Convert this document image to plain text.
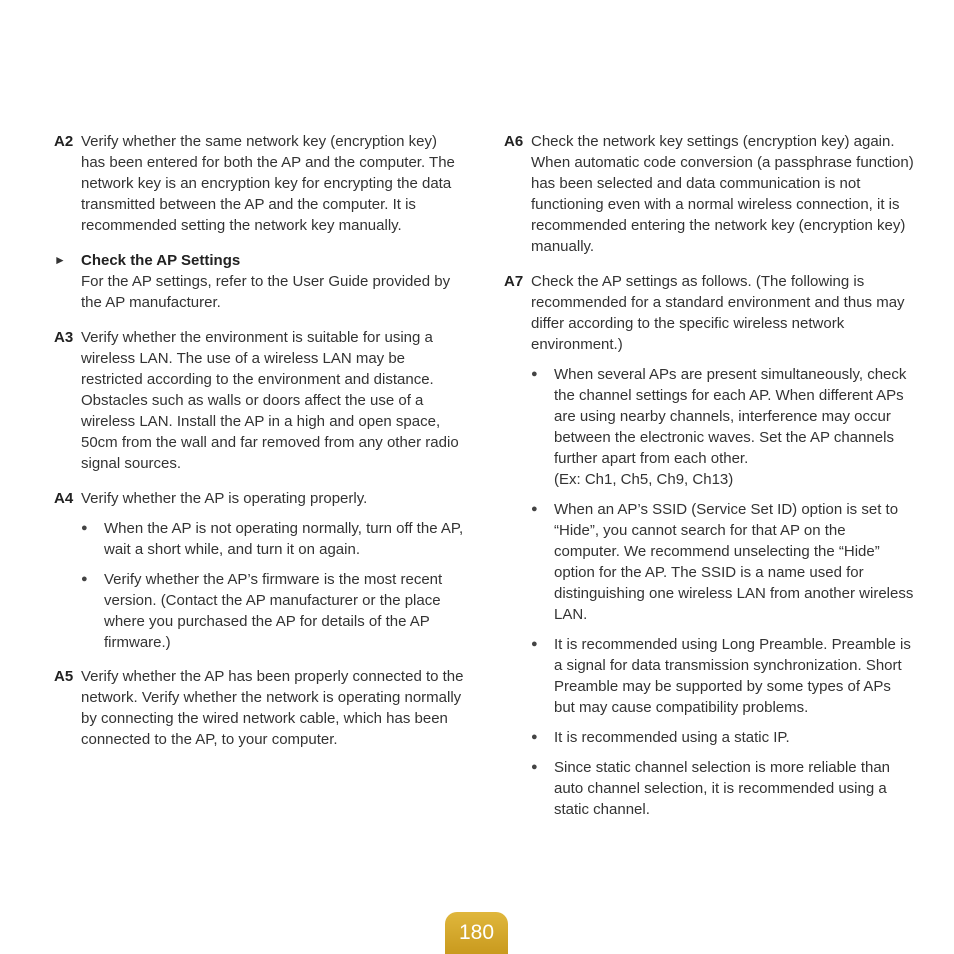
A2 Verify whether the same network key (encryption key) has been entered for both the AP and the computer. The network key is an encryption key for encrypting the data transmitted between the AP and the computer. It is recommended setting the network key manually.

► Check the AP Settings

For the AP settings, refer to the User Guide provided by the AP manufacturer.

A3 Verify whether the environment is suitable for using a wireless LAN. The use of a wireless LAN may be restricted according to the environment and distance. Obstacles such as walls or doors affect the use of a wireless LAN. Install the AP in a high and open space, 50cm from the wall and far removed from any other radio signal sources.

A4 Verify whether the AP is operating properly.

● When the AP is not operating normally, turn off the AP, wait a short while, and turn it on again.
● Verify whether the AP’s firmware is the most recent version. (Contact the AP manufacturer or the place where you purchased the AP for details of the AP firmware.)
A5 Verify whether the AP has been properly connected to the network. Verify whether the network is operating normally by connecting the wired network cable, which has been connected to the AP, to your computer.

A6 Check the network key settings (encryption key) again. When automatic code conversion (a passphrase function) has been selected and data communication is not functioning even with a normal wireless connection, it is recommended entering the network key (encryption key) manually.

A7 Check the AP settings as follows. (The following is recommended for a standard environment and thus may differ according to the specific wireless network environment.)

● When several APs are present simultaneously, check the channel settings for each AP. When different APs are using nearby channels, interference may occur between the electronic waves. Set the AP channels further apart from each other.
(Ex: Ch1, Ch5, Ch9, Ch13)
● When an AP’s SSID (Service Set ID) option is set to “Hide”, you cannot search for that AP on the computer. We recommend unselecting the “Hide” option for the AP. The SSID is a name used for distinguishing one wireless LAN from another wireless LAN.
● It is recommended using Long Preamble. Preamble is a signal for data transmission synchronization. Short Preamble may be supported by some types of APs but may cause compatibility problems.
● It is recommended using a static IP.
● Since static channel selection is more reliable than auto channel selection, it is recommended using a static channel.
180
